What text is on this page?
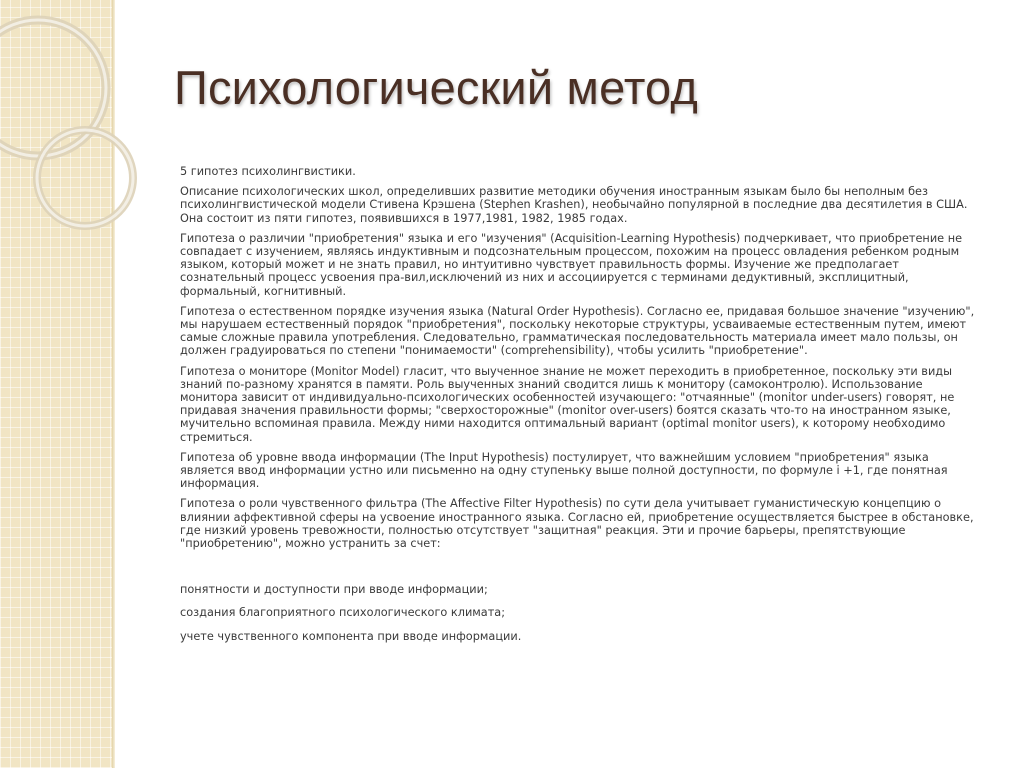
Психологический метод

5 гипотез психолингвистики.

Описание психологических школ, определивших развитие методики обучения иностранным языкам было бы неполным без психолингвистической модели Стивена Крэшена (Stephen Krashen), необычайно популярной в последние два десятилетия в США. Она состоит из пяти гипотез, появившихся в 1977,1981, 1982, 1985 годах.

Гипотеза о различии "приобретения" языка и его "изучения" (Acquisition-Learning Hypothesis) подчеркивает, что приобретение не совпадает с изучением, являясь индуктивным и подсознательным процессом, похожим на процесс овладения ребенком родным языком, который может и не знать правил, но интуитивно чувствует правильность формы. Изучение же предполагает сознательный процесс усвоения пра-вил,исключений из них и ассоциируется с терминами дедуктивный, эксплицитный, формальный, когнитивный.

Гипотеза о естественном порядке изучения языка (Natural Order Hypothesis). Согласно ее, придавая большое значение "изучению", мы нарушаем естественный порядок "приобретения", поскольку некоторые структуры, усваиваемые естественным путем, имеют самые сложные правила употребления. Следовательно, грамматическая последовательность материала имеет мало пользы, он должен градуироваться по степени "понимаемости" (comprehensibility), чтобы усилить "приобретение".

Гипотеза о мониторе (Monitor Model) гласит, что выученное знание не может переходить в приобретенное, поскольку эти виды знаний по-разному хранятся в памяти. Роль выученных знаний сводится лишь к монитору (самоконтролю). Использование монитора зависит от индивидуально-психологических особенностей изучающего: "отчаянные" (monitor under-users) говорят, не придавая значения правильности формы; "сверхосторожные" (monitor over-users) боятся сказать что-то на иностранном языке, мучительно вспоминая правила. Между ними находится оптимальный вариант (optimal monitor users), к которому необходимо стремиться.

Гипотеза об уровне ввода информации (The Input Hypothesis) постулирует, что важнейшим условием "приобретения" языка является ввод информации устно или письменно на одну ступеньку выше полной доступности, по формуле i +1, где понятная информация.

Гипотеза о роли чувственного фильтра (The Affective Filter Hypothesis) по сути дела учитывает гуманистическую концепцию о влиянии аффективной сферы на усвоение иностранного языка. Согласно ей, приобретение осуществляется быстрее в обстановке, где низкий уровень тревожности, полностью отсутствует "защитная" реакция. Эти и прочие барьеры, препятствующие "приобретению", можно устранить за счет:

понятности и доступности при вводе информации;

создания благоприятного психологического климата;

учете чувственного компонента при вводе информации.
